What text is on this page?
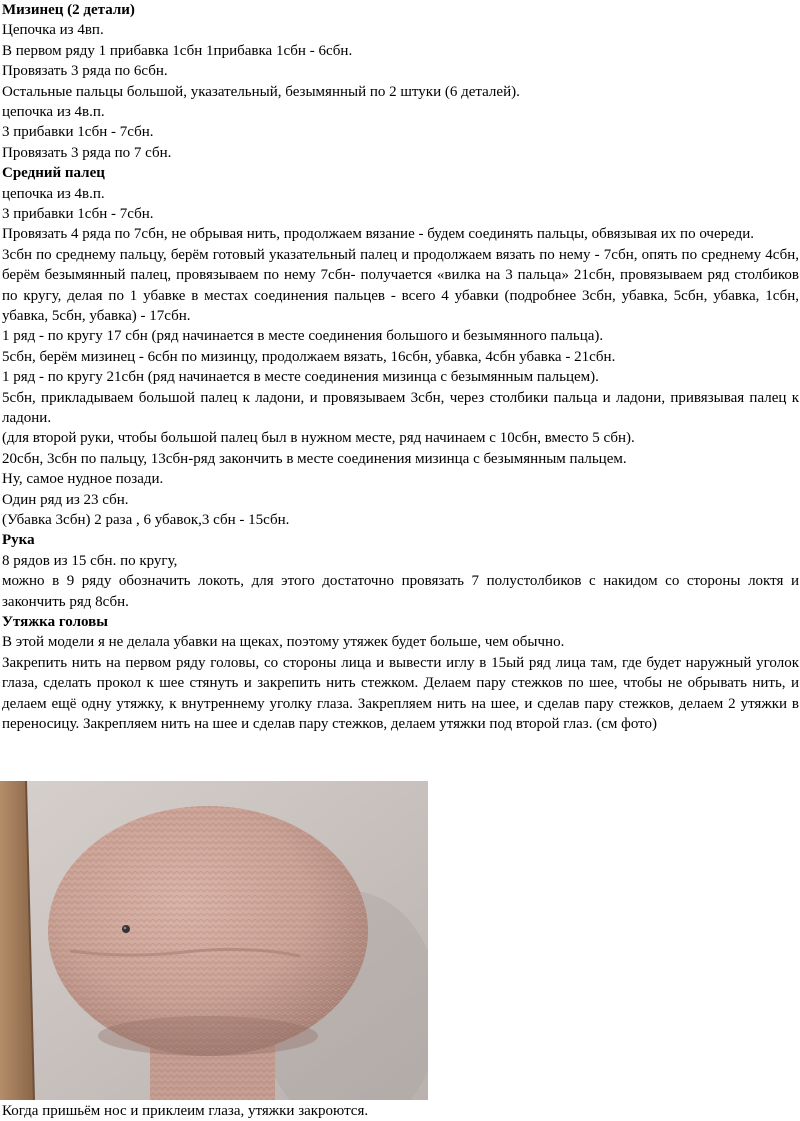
Мизинец (2 детали)
Цепочка из 4вп.
В первом ряду 1 прибавка 1сбн 1прибавка 1сбн - 6сбн.
Провязать 3 ряда по 6сбн.
Остальные пальцы большой, указательный, безымянный по 2 штуки (6 деталей).
цепочка из 4в.п.
3 прибавки 1сбн - 7сбн.
Провязать 3 ряда по 7 сбн.
Средний палец
цепочка из 4в.п.
3 прибавки 1сбн - 7сбн.
Провязать 4 ряда по 7сбн, не обрывая нить, продолжаем вязание - будем соединять пальцы, обвязывая их по очереди.
3сбн по среднему пальцу, берём готовый указательный палец и продолжаем вязать по нему - 7сбн, опять по среднему 4сбн, берём безымянный палец, провязываем по нему 7сбн- получается «вилка на 3 пальца» 21сбн, провязываем ряд столбиков по кругу, делая по 1 убавке в местах соединения пальцев - всего 4 убавки (подробнее 3сбн, убавка, 5сбн, убавка, 1сбн, убавка, 5сбн, убавка) - 17сбн.
1 ряд - по кругу 17 сбн (ряд начинается в месте соединения большого и безымянного пальца).
5сбн, берём мизинец - 6сбн по мизинцу, продолжаем вязать, 16сбн, убавка, 4сбн убавка - 21сбн.
1 ряд - по кругу 21сбн (ряд начинается в месте соединения мизинца с безымянным пальцем).
5сбн, прикладываем большой палец к ладони, и провязываем 3сбн, через столбики пальца и ладони, привязывая палец к ладони.
(для второй руки, чтобы большой палец был в нужном месте, ряд начинаем с 10сбн, вместо 5 сбн).
20сбн, 3сбн по пальцу, 13сбн-ряд закончить в месте соединения мизинца с безымянным пальцем.
Ну, самое нудное позади.
Один ряд из 23 сбн.
(Убавка 3сбн) 2 раза , 6 убавок,3 сбн - 15сбн.
Рука
8 рядов из 15 сбн. по кругу,
можно в 9 ряду обозначить локоть, для этого достаточно провязать 7 полустолбиков с накидом со стороны локтя и закончить ряд 8сбн.
Утяжка головы
В этой модели я не делала убавки на щеках, поэтому утяжек будет больше, чем обычно.
Закрепить нить на первом ряду головы, со стороны лица и вывести иглу в 15ый ряд лица там, где будет наружный уголок глаза, сделать прокол к шее стянуть и закрепить нить стежком. Делаем пару стежков по шее, чтобы не обрывать нить, и делаем ещё одну утяжку, к внутреннему уголку глаза. Закрепляем нить на шее, и сделав пару стежков, делаем 2 утяжки в переносицу. Закрепляем нить на шее и сделав пару стежков, делаем утяжки под второй глаз. (см фото)
Когда пришьём нос и приклеим глаза, утяжки закроются.
